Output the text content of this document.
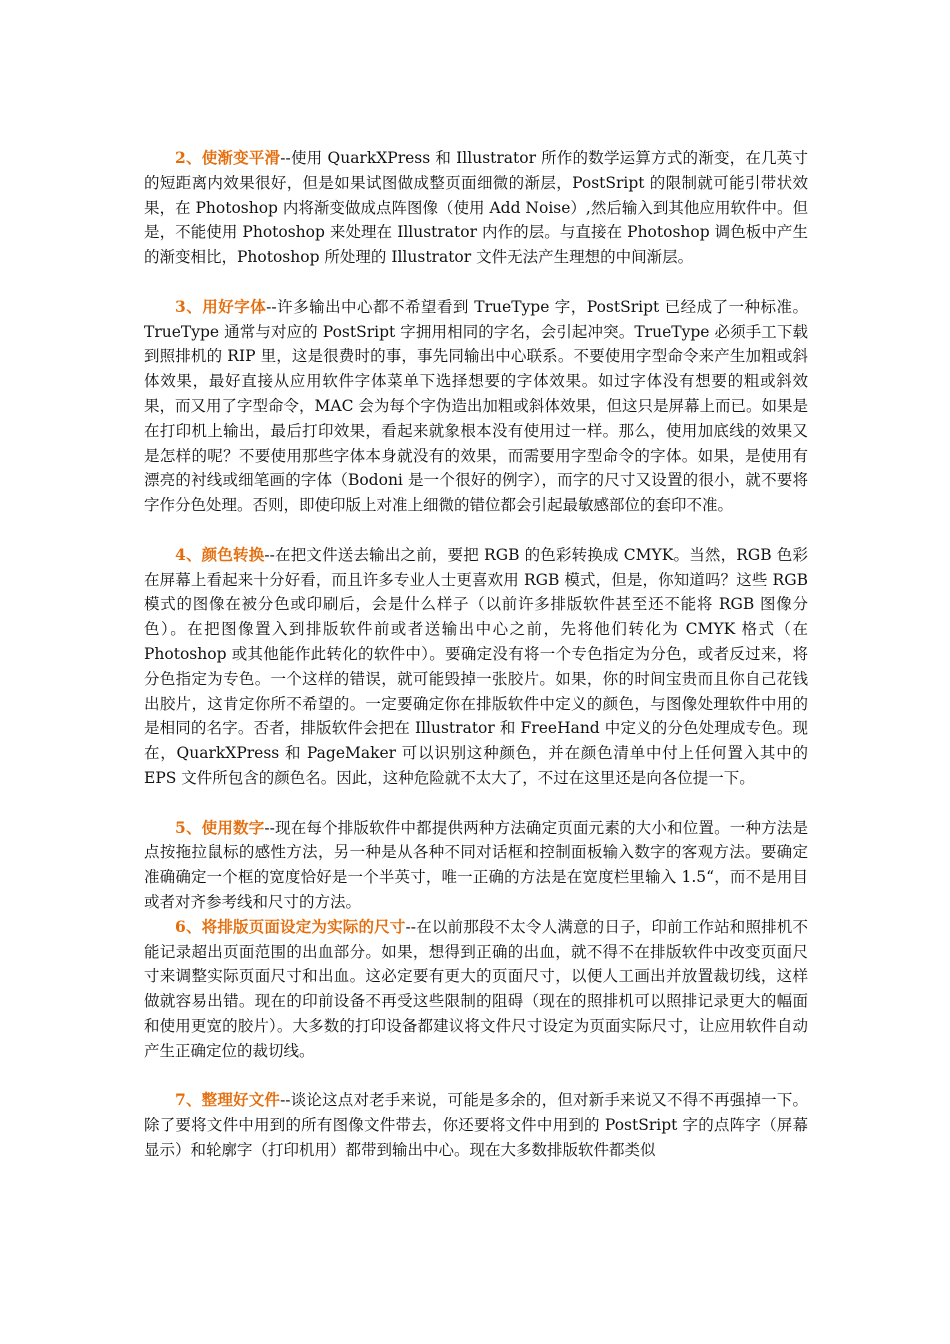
2、使渐变平滑--使用 QuarkXPress 和 Illustrator 所作的数学运算方式的渐变，在几英寸的短距离内效果很好，但是如果试图做成整页面细微的渐层，PostSript 的限制就可能引带状效果，在 Photoshop 内将渐变做成点阵图像（使用 Add Noise）,然后输入到其他应用软件中。但是，不能使用 Photoshop 来处理在 Illustrator 内作的层。与直接在 Photoshop 调色板中产生的渐变相比，Photoshop 所处理的 Illustrator 文件无法产生理想的中间渐层。

3、用好字体--许多输出中心都不希望看到 TrueType 字，PostSript 已经成了一种标准。TrueType 通常与对应的 PostSript 字拥用相同的字名，会引起冲突。TrueType 必须手工下载到照排机的 RIP 里，这是很费时的事，事先同输出中心联系。不要使用字型命令来产生加粗或斜体效果，最好直接从应用软件字体菜单下选择想要的字体效果。如过字体没有想要的粗或斜效果，而又用了字型命令，MAC 会为每个字伪造出加粗或斜体效果，但这只是屏幕上而已。如果是在打印机上输出，最后打印效果，看起来就象根本没有使用过一样。那么，使用加底线的效果又是怎样的呢？不要使用那些字体本身就没有的效果，而需要用字型命令的字体。如果，是使用有漂亮的衬线或细笔画的字体（Bodoni 是一个很好的例字），而字的尺寸又设置的很小，就不要将字作分色处理。否则，即使印版上对准上细微的错位都会引起最敏感部位的套印不准。

4、颜色转换--在把文件送去输出之前，要把 RGB 的色彩转换成 CMYK。当然，RGB 色彩在屏幕上看起来十分好看，而且许多专业人士更喜欢用 RGB 模式，但是，你知道吗？这些 RGB 模式的图像在被分色或印刷后，会是什么样子（以前许多排版软件甚至还不能将 RGB 图像分色）。在把图像置入到排版软件前或者送输出中心之前，先将他们转化为 CMYK 格式（在 Photoshop 或其他能作此转化的软件中）。要确定没有将一个专色指定为分色，或者反过来，将分色指定为专色。一个这样的错误，就可能毁掉一张胶片。如果，你的时间宝贵而且你自己花钱出胶片，这肯定你所不希望的。一定要确定你在排版软件中定义的颜色，与图像处理软件中用的是相同的名字。否者，排版软件会把在 Illustrator 和 FreeHand 中定义的分色处理成专色。现在，QuarkXPress 和 PageMaker 可以识别这种颜色，并在颜色清单中付上任何置入其中的 EPS 文件所包含的颜色名。因此，这种危险就不太大了，不过在这里还是向各位提一下。

5、使用数字--现在每个排版软件中都提供两种方法确定页面元素的大小和位置。一种方法是点按拖拉鼠标的感性方法，另一种是从各种不同对话框和控制面板输入数字的客观方法。要确定准确确定一个框的宽度恰好是一个半英寸，唯一正确的方法是在宽度栏里输入 1.5“，而不是用目或者对齐参考线和尺寸的方法。

6、将排版页面设定为实际的尺寸--在以前那段不太令人满意的日子，印前工作站和照排机不能记录超出页面范围的出血部分。如果，想得到正确的出血，就不得不在排版软件中改变页面尺寸来调整实际页面尺寸和出血。这必定要有更大的页面尺寸，以便人工画出并放置裁切线，这样做就容易出错。现在的印前设备不再受这些限制的阻碍（现在的照排机可以照排记录更大的幅面和使用更宽的胶片）。大多数的打印设备都建议将文件尺寸设定为页面实际尺寸，让应用软件自动产生正确定位的裁切线。

7、整理好文件--谈论这点对老手来说，可能是多余的，但对新手来说又不得不再强掉一下。除了要将文件中用到的所有图像文件带去，你还要将文件中用到的 PostSript 字的点阵字（屏幕显示）和轮廓字（打印机用）都带到输出中心。现在大多数排版软件都类似
